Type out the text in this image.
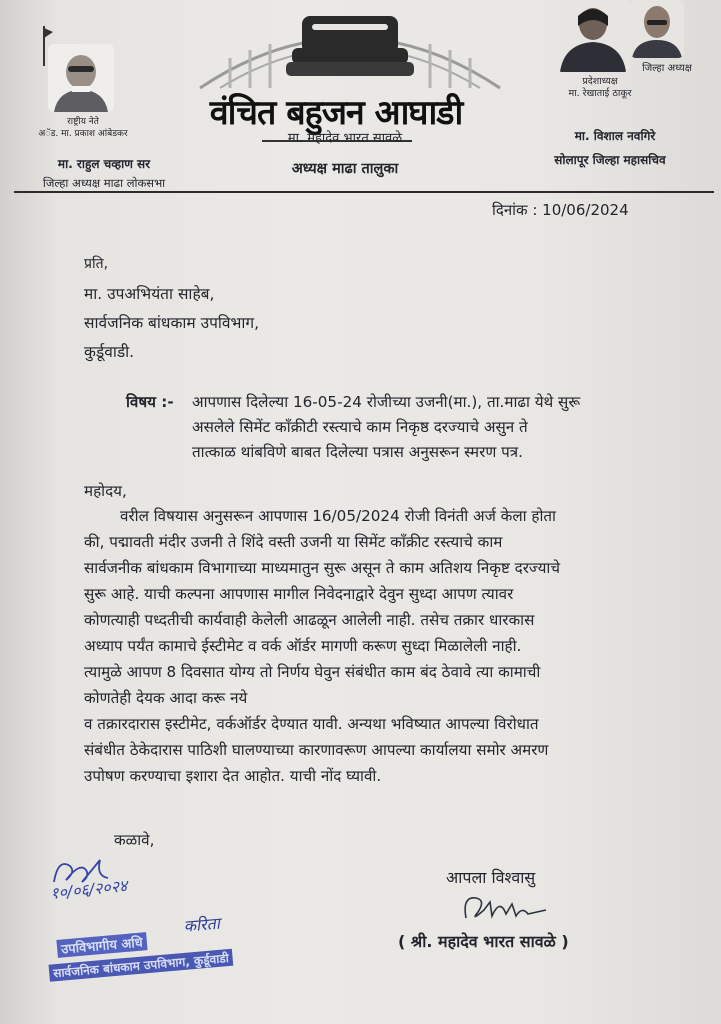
राष्ट्रीय नेते
अॅड. मा. प्रकाश आंबेडकर
मा. राहुल चव्हाण सर
जिल्हा अध्यक्ष माढा लोकसभा
वंचित बहुजन आघाडी
मा. महादेव भारत सावळे
अध्यक्ष माढा तालुका
प्रदेशाध्यक्ष
मा. रेखाताई ठाकूर
जिल्हा अध्यक्ष
मा. विशाल नवगिरे
सोलापूर जिल्हा महासचिव
दिनांक : 10/06/2024
प्रति,
मा. उपअभियंता साहेब,
सार्वजनिक बांधकाम उपविभाग,
कुर्डूवाडी.
विषय :- आपणास दिलेल्या 16-05-24 रोजीच्या उजनी(मा.), ता.माढा येथे सुरू
असलेले सिमेंट कॉंक्रीटी रस्त्याचे काम निकृष्ठ दरज्याचे असुन ते
तात्काळ थांबविणे बाबत दिलेल्या पत्रास अनुसरून स्मरण पत्र.
महोदय,
वरील विषयास अनुसरून आपणास 16/05/2024 रोजी विनंती अर्ज केला होता
की, पद्मावती मंदीर उजनी ते शिंदे वस्ती उजनी या सिमेंट कॉंक्रीट रस्त्याचे काम
सार्वजनीक बांधकाम विभागाच्या माध्यमातुन सुरू असून ते काम अतिशय निकृष्ट दरज्याचे
सुरू आहे. याची कल्पना आपणास मागील निवेदनाद्वारे देवुन सुध्दा आपण त्यावर
कोणत्याही पध्दतीची कार्यवाही केलेली आढळून आलेली नाही. तसेच तक्रार धारकास
अध्याप पर्यंत कामाचे ईस्टीमेट व वर्क ऑर्डर मागणी करूण सुध्दा मिळालेली नाही.
त्यामुळे आपण 8 दिवसात योग्य तो निर्णय घेवुन संबंधीत काम बंद ठेवावे त्या कामाची
कोणतेही देयक आदा करू नये
व तक्रारदारास इस्टीमेट, वर्कऑर्डर देण्यात यावी. अन्यथा भविष्यात आपल्या विरोधात
संबंधीत ठेकेदारास पाठिशी घालण्याच्या कारणावरूण आपल्या कार्यालया समोर अमरण
उपोषण करण्याचा इशारा देत आहोत. याची नोंद घ्यावी.
कळावे,
आपला विश्वासु
( श्री. महादेव भारत सावळे )
१०/०६/२०२४
उपविभागीय अधि
सार्वजनिक बांधकाम उपविभाग, कुर्डूवाडी
करिता
